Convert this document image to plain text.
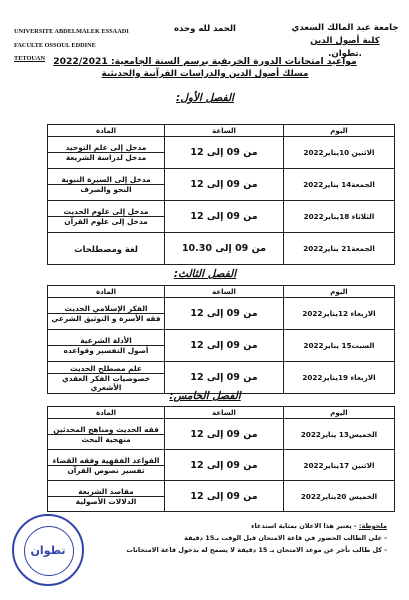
UNIVERSITE ABDELMALEK ESSAADI
FACULTE OSSOUL EDDINE
TETOUAN
الحمد لله وحده	جامعة عبد المالك السعدي
كلية أصول الدين
.تطوان.
مواعيد امتحانات الدورة الخريفية برسم السنة الجامعية: 2022/2021
مسلك أصول الدين والدراسات القرآنية والحديثية
الفصل الأول:
المادة	الساعة	اليوم

مدخل إلى علم التوحيد
مدخل لدراسة الشريعة	من 09 إلى 12	الاثنين 10يناير2022

مدخل إلى السيرة النبوية
النحو والصرف	من 09 إلى 12	الجمعة14 يناير2022

مدخل إلى علوم الحديث
مدخل إلى علوم القرآن	من 09 إلى 12	الثلاثاء 18يناير2022
لغة ومصطلحات	من 09 إلى 10.30	الجمعة21 يناير2022
الفصل الثالث:
المادة	الساعة	اليوم

الفكر الإسلامي الحديث
فقه الأسرة و التوثيق الشرعي	من 09 إلى 12	الاربعاء 12يناير2022

الأدلة الشرعية
أصول التفسير وقواعده	من 09 إلى 12	السبت15 يناير2022

علم مصطلح الحديث
خصوصيات الفكر العقدي الأشعري	من 09 إلى 12	الاربعاء 19يناير2022
الفصل الخامس:
المادة	الساعة	اليوم

فقه الحديث ومناهج المحدثين
منهجية البحث	من 09 إلى 12	الخميس13 يناير2022

القواعد الفقهية وفقه القضاء
تفسير نصوص القرآن	من 09 إلى 12	الاثنين 17يناير2022

مقاصد الشريعة
الدلالات الأصولية	من 09 إلى 12	الخميس 20يناير2022
ملحوظة: - يعتبر هذا الاعلان بمثابة استدعاء
- على الطالب الحضور في قاعة الامتحان قبل الوقت بـ15 دقيقة
- كل طالب تأخر عن موعد الامتحان بـ 15 دقيقة لا يسمح له بدخول قاعة الامتحانات
تطوان
